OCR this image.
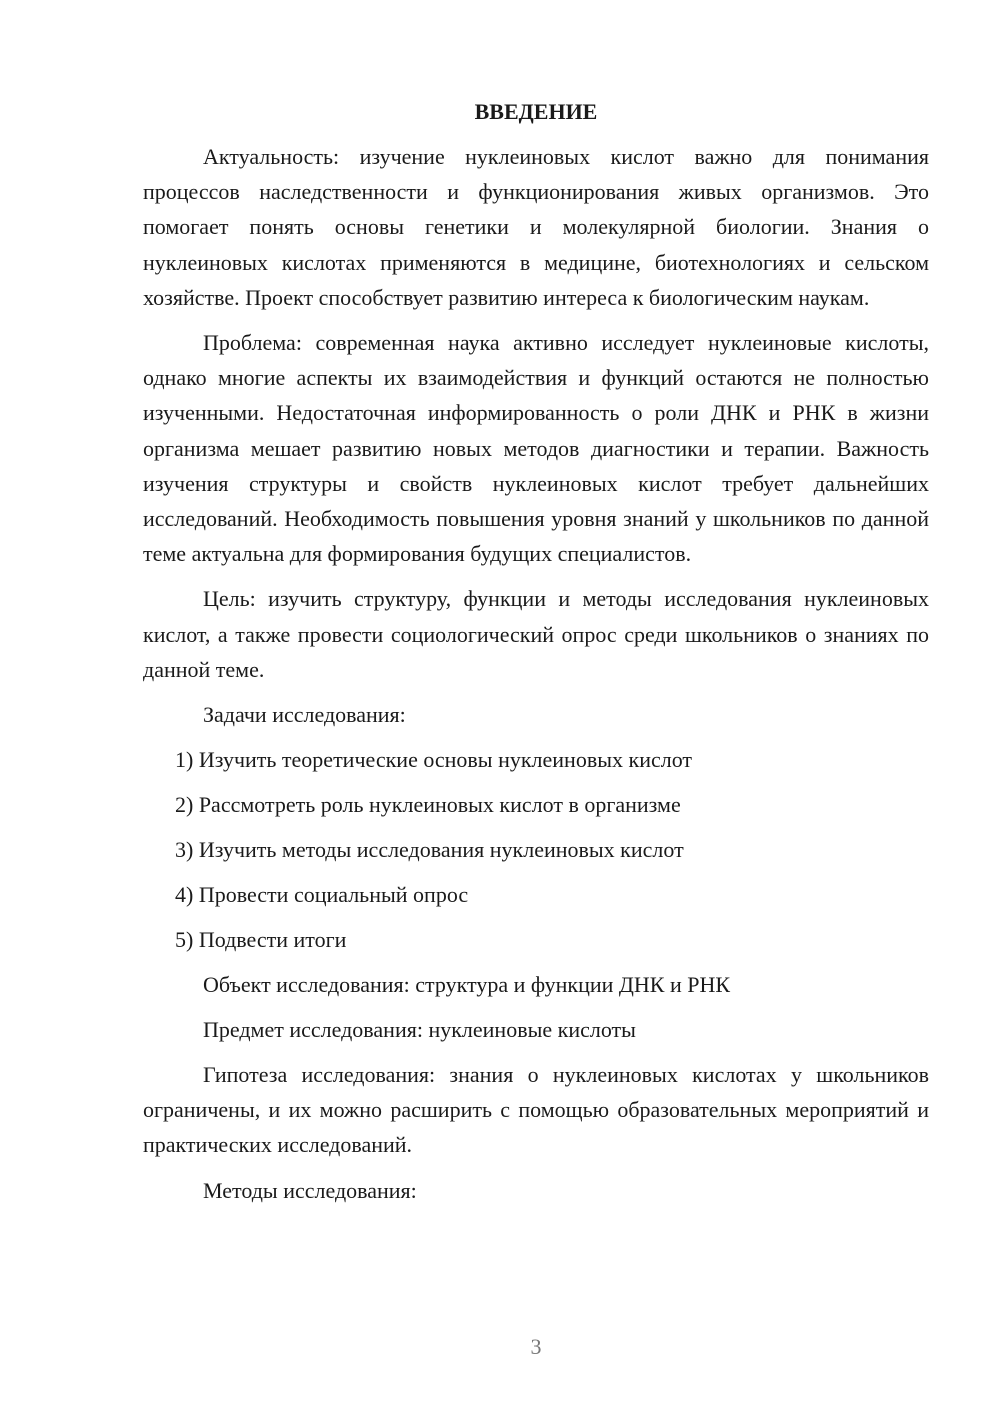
ВВЕДЕНИЕ

Актуальность: изучение нуклеиновых кислот важно для понимания процессов наследственности и функционирования живых организмов. Это помогает понять основы генетики и молекулярной биологии. Знания о нуклеиновых кислотах применяются в медицине, биотехнологиях и сельском хозяйстве. Проект способствует развитию интереса к биологическим наукам.

Проблема: современная наука активно исследует нуклеиновые кислоты, однако многие аспекты их взаимодействия и функций остаются не полностью изученными. Недостаточная информированность о роли ДНК и РНК в жизни организма мешает развитию новых методов диагностики и терапии. Важность изучения структуры и свойств нуклеиновых кислот требует дальнейших исследований. Необходимость повышения уровня знаний у школьников по данной теме актуальна для формирования будущих специалистов.

Цель: изучить структуру, функции и методы исследования нуклеиновых кислот, а также провести социологический опрос среди школьников о знаниях по данной теме.

Задачи исследования:

1) Изучить теоретические основы нуклеиновых кислот
2) Рассмотреть роль нуклеиновых кислот в организме
3) Изучить методы исследования нуклеиновых кислот
4) Провести социальный опрос
5) Подвести итоги

Объект исследования: структура и функции ДНК и РНК

Предмет исследования: нуклеиновые кислоты

Гипотеза исследования: знания о нуклеиновых кислотах у школьников ограничены, и их можно расширить с помощью образовательных мероприятий и практических исследований.

Методы исследования:

3
